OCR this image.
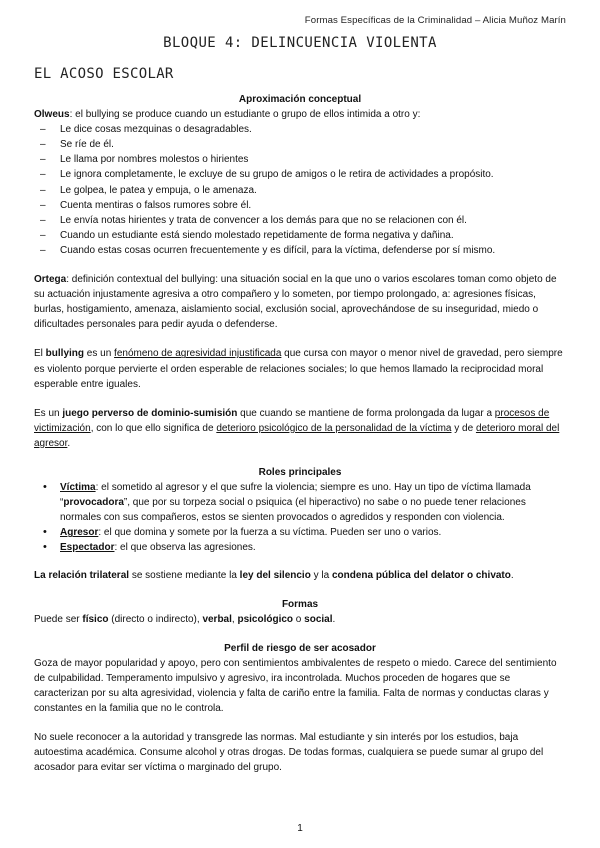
Formas Específicas de la Criminalidad – Alicia Muñoz Marín
BLOQUE 4: DELINCUENCIA VIOLENTA
EL ACOSO ESCOLAR
Aproximación conceptual

Olweus: el bullying se produce cuando un estudiante o grupo de ellos intimida a otro y:

– Le dice cosas mezquinas o desagradables.
– Se ríe de él.
– Le llama por nombres molestos o hirientes
– Le ignora completamente, le excluye de su grupo de amigos o le retira de actividades a propósito.
– Le golpea, le patea y empuja, o le amenaza.
– Cuenta mentiras o falsos rumores sobre él.
– Le envía notas hirientes y trata de convencer a los demás para que no se relacionen con él.
– Cuando un estudiante está siendo molestado repetidamente de forma negativa y dañina.
– Cuando estas cosas ocurren frecuentemente y es difícil, para la víctima, defenderse por sí mismo.

Ortega: definición contextual del bullying: una situación social en la que uno o varios escolares toman como objeto de su actuación injustamente agresiva a otro compañero y lo someten, por tiempo prolongado, a: agresiones físicas, burlas, hostigamiento, amenaza, aislamiento social, exclusión social, aprovechándose de su inseguridad, miedo o dificultades personales para pedir ayuda o defenderse.

El bullying es un fenómeno de agresividad injustificada que cursa con mayor o menor nivel de gravedad, pero siempre es violento porque pervierte el orden esperable de relaciones sociales; lo que hemos llamado la reciprocidad moral esperable entre iguales.

Es un juego perverso de dominio-sumisión que cuando se mantiene de forma prolongada da lugar a procesos de victimización, con lo que ello significa de deterioro psicológico de la personalidad de la víctima y de deterioro moral del agresor.

Roles principales
• Víctima: el sometido al agresor y el que sufre la violencia; siempre es uno. Hay un tipo de víctima llamada “provocadora”, que por su torpeza social o psiquica (el hiperactivo) no sabe o no puede tener relaciones normales con sus compañeros, estos se sienten provocados o agredidos y responden con violencia.
• Agresor: el que domina y somete por la fuerza a su víctima. Pueden ser uno o varios.
• Espectador: el que observa las agresiones.

La relación trilateral se sostiene mediante la ley del silencio y la condena pública del delator o chivato.

Formas

Puede ser físico (directo o indirecto), verbal, psicológico o social.

Perfil de riesgo de ser acosador

Goza de mayor popularidad y apoyo, pero con sentimientos ambivalentes de respeto o miedo. Carece del sentimiento de culpabilidad. Temperamento impulsivo y agresivo, ira incontrolada. Muchos proceden de hogares que se caracterizan por su alta agresividad, violencia y falta de cariño entre la familia. Falta de normas y conductas claras y constantes en la familia que no le controla.

No suele reconocer a la autoridad y transgrede las normas. Mal estudiante y sin interés por los estudios, baja autoestima académica. Consume alcohol y otras drogas. De todas formas, cualquiera se puede sumar al grupo del acosador para evitar ser víctima o marginado del grupo.

1
